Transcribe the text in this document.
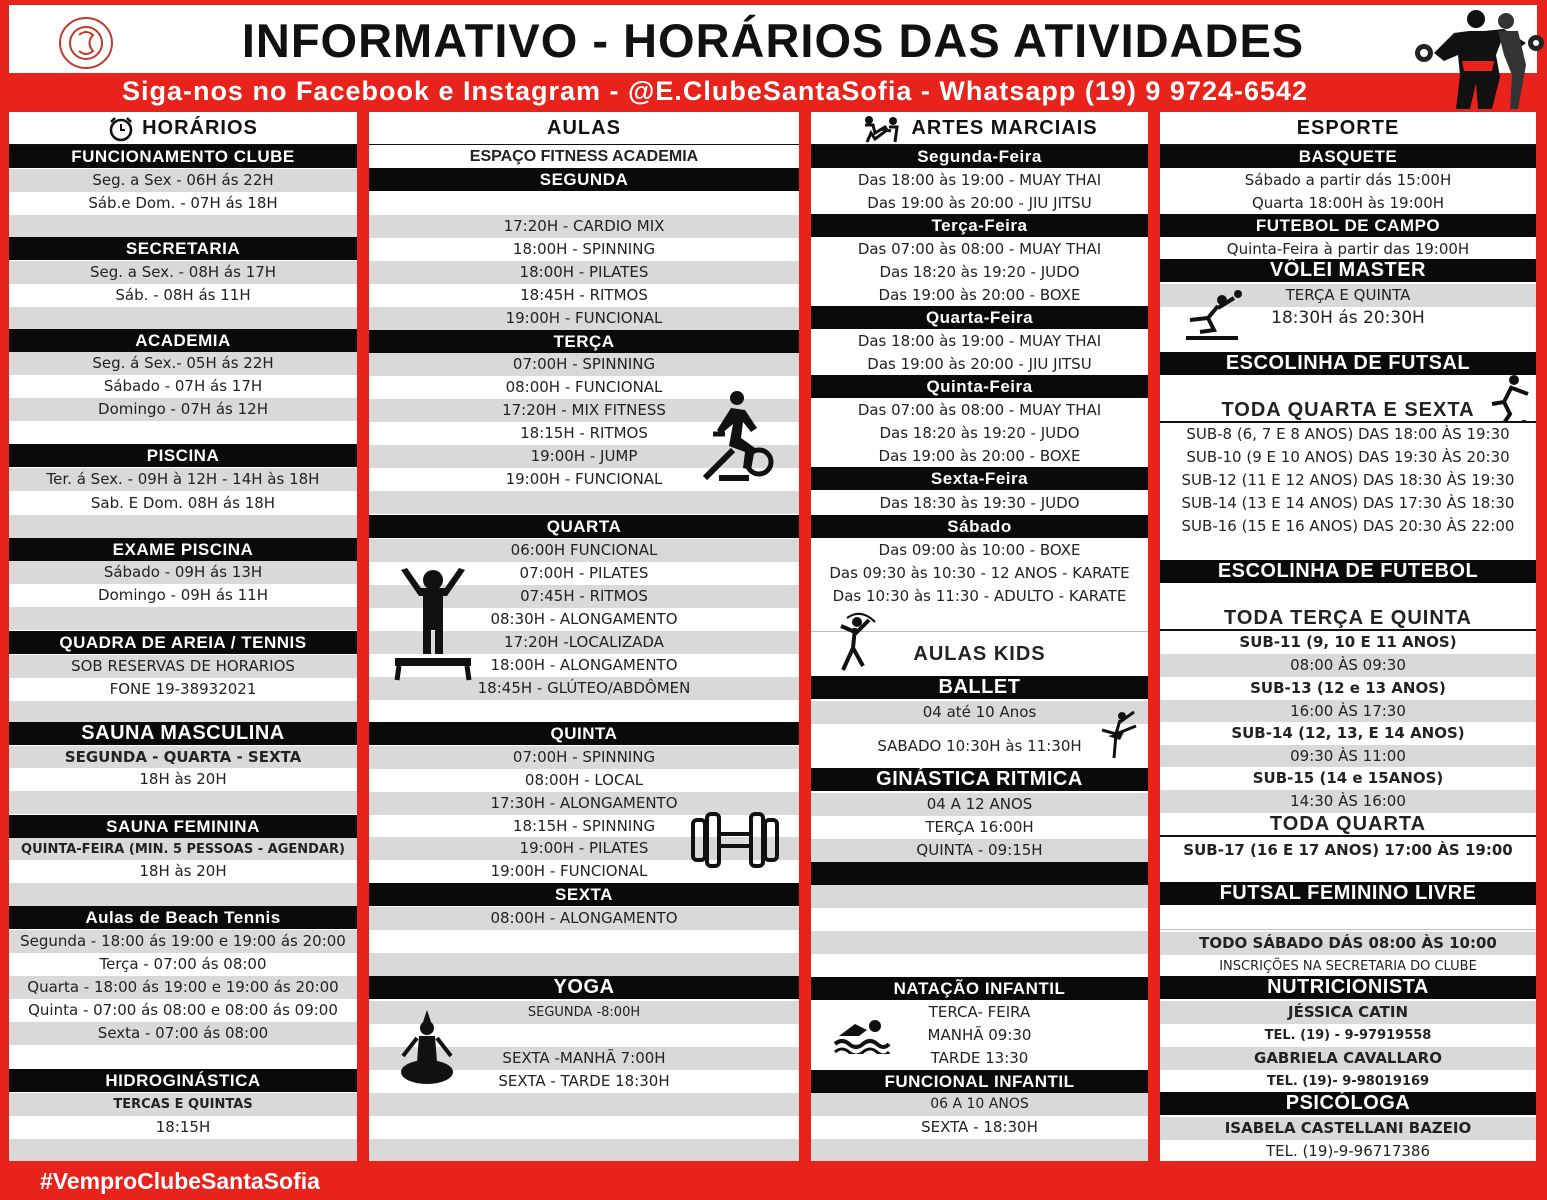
INFORMATIVO - HORÁRIOS DAS ATIVIDADES
Siga-nos no Facebook e Instagram - @E.ClubeSantaSofia - Whatsapp (19) 9 9724-6542
HORÁRIOS
FUNCIONAMENTO CLUBE
Seg. a Sex - 06H ás 22H
Sáb.e Dom. - 07H ás 18H
SECRETARIA
Seg. a Sex. - 08H ás 17H
Sáb. - 08H ás 11H
ACADEMIA
Seg. á Sex.- 05H ás 22H
Sábado - 07H ás 17H
Domingo - 07H ás 12H
PISCINA
Ter. á Sex. - 09H à 12H - 14H às 18H
Sab. E Dom. 08H ás 18H
EXAME PISCINA
Sábado - 09H ás 13H
Domingo - 09H ás 11H
QUADRA DE AREIA / TENNIS
SOB RESERVAS DE HORARIOS
FONE 19-38932021
SAUNA MASCULINA
SEGUNDA - QUARTA - SEXTA
18H às 20H
SAUNA FEMININA
QUINTA-FEIRA (MIN. 5 PESSOAS - AGENDAR)
18H às 20H
Aulas de Beach Tennis
Segunda - 18:00 ás 19:00 e 19:00 ás 20:00
Terça - 07:00 ás 08:00
Quarta - 18:00 ás 19:00 e 19:00 ás 20:00
Quinta - 07:00 ás 08:00 e 08:00 ás 09:00
Sexta - 07:00 ás 08:00
HIDROGINÁSTICA
TERCAS E QUINTAS
18:15H
AULAS
ESPAÇO FITNESS ACADEMIA
SEGUNDA
17:20H - CARDIO MIX
18:00H - SPINNING
18:00H - PILATES
18:45H - RITMOS
19:00H - FUNCIONAL
TERÇA
07:00H - SPINNING
08:00H - FUNCIONAL
17:20H - MIX FITNESS
18:15H - RITMOS
19:00H - JUMP
19:00H - FUNCIONAL
QUARTA
06:00H FUNCIONAL
07:00H - PILATES
07:45H - RITMOS
08:30H - ALONGAMENTO
17:20H -LOCALIZADA
18:00H - ALONGAMENTO
18:45H - GLÚTEO/ABDÔMEN
QUINTA
07:00H - SPINNING
08:00H - LOCAL
17:30H - ALONGAMENTO
18:15H - SPINNING
19:00H - PILATES
19:00H - FUNCIONAL
SEXTA
08:00H - ALONGAMENTO
YOGA
SEGUNDA -8:00H
SEXTA -MANHÃ 7:00H
SEXTA - TARDE 18:30H
ARTES MARCIAIS
Segunda-Feira
Das 18:00 às 19:00 - MUAY THAI
Das 19:00 às 20:00 - JIU JITSU
Terça-Feira
Das 07:00 às 08:00 - MUAY THAI
Das 18:20 às 19:20 - JUDO
Das 19:00 às 20:00 - BOXE
Quarta-Feira
Das 18:00 às 19:00 - MUAY THAI
Das 19:00 às 20:00 - JIU JITSU
Quinta-Feira
Das 07:00 às 08:00 - MUAY THAI
Das 18:20 às 19:20 - JUDO
Das 19:00 às 20:00 - BOXE
Sexta-Feira
Das 18:30 às 19:30 - JUDO
Sábado
Das 09:00 às 10:00 - BOXE
Das 09:30 às 10:30 - 12 ANOS - KARATE
Das 10:30 às 11:30 - ADULTO - KARATE
AULAS KIDS
BALLET
04 até 10 Anos
SABADO 10:30H às 11:30H
GINÁSTICA RITMICA
04 A 12 ANOS
TERÇA 16:00H
QUINTA - 09:15H
NATAÇÃO INFANTIL
TERCA- FEIRA
MANHÃ 09:30
TARDE 13:30
FUNCIONAL INFANTIL
06 A 10 ANOS
SEXTA - 18:30H
ESPORTE
BASQUETE
Sábado a partir dás 15:00H
Quarta 18:00H às 19:00H
FUTEBOL DE CAMPO
Quinta-Feira à partir das 19:00H
VÔLEI MASTER
TERÇA E QUINTA
18:30H ás 20:30H
ESCOLINHA DE FUTSAL
TODA QUARTA E SEXTA
SUB-8 (6, 7 E 8 ANOS) DAS 18:00 ÀS 19:30
SUB-10 (9 E 10 ANOS) DAS 19:30 ÀS 20:30
SUB-12 (11 E 12 ANOS) DAS 18:30 ÀS 19:30
SUB-14 (13 E 14 ANOS) DAS 17:30 ÀS 18:30
SUB-16 (15 E 16 ANOS) DAS 20:30 ÀS 22:00
ESCOLINHA DE FUTEBOL
TODA TERÇA E QUINTA
SUB-11 (9, 10 E 11 ANOS)
08:00 ÀS 09:30
SUB-13 (12 e 13 ANOS)
16:00 ÀS 17:30
SUB-14 (12, 13, E 14 ANOS)
09:30 ÀS 11:00
SUB-15 (14 e 15ANOS)
14:30 ÀS 16:00
TODA QUARTA
SUB-17 (16 E 17 ANOS) 17:00 ÀS 19:00
FUTSAL FEMININO LIVRE
TODO SÁBADO DÁS 08:00 ÀS 10:00
INSCRIÇÕES NA SECRETARIA DO CLUBE
NUTRICIONISTA
JÉSSICA CATIN
TEL. (19) - 9-97919558
GABRIELA CAVALLARO
TEL. (19)- 9-98019169
PSICÓLOGA
ISABELA CASTELLANI BAZEIO
TEL. (19)-9-96717386
#VemproClubeSantaSofia
